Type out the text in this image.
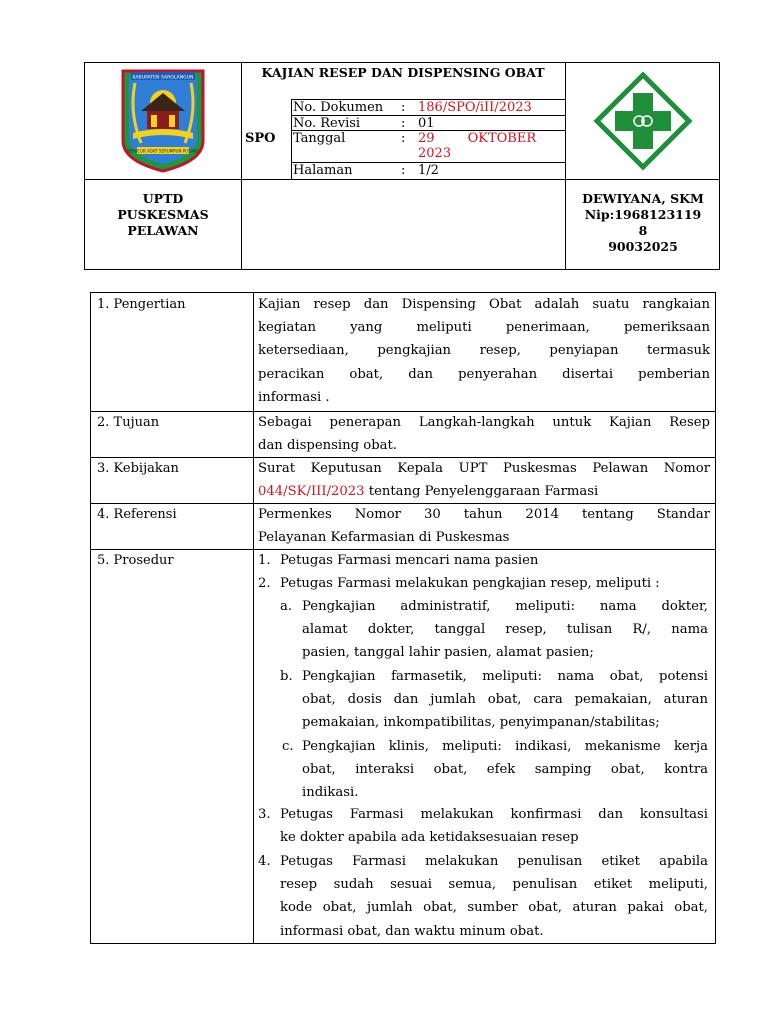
KABUPATEN SAROLANGUN
SEPUCUK ADAT SERUMPUN PUSAKO
KAJIAN RESEP DAN DISPENSING OBAT
SPO
No. Dokumen : 186/SPO/iII/2023
No. Revisi	: 01
Tanggal	: 29        OKTOBER
2023
Halaman	: 1/2
UPTD
PUSKESMAS
PELAWAN
DEWIYANA, SKM
Nip:1968123119
8
90032025
1. Pengertian	Kajian resep dan Dispensing Obat adalah suatu rangkaian
kegiatan yang meliputi penerimaan, pemeriksaan
ketersediaan, pengkajian resep, penyiapan termasuk
peracikan obat, dan penyerahan disertai pemberian
informasi .
2. Tujuan	Sebagai penerapan Langkah-langkah untuk Kajian Resep
dan dispensing obat.
3. Kebijakan	Surat Keputusan Kepala UPT Puskesmas Pelawan Nomor
044/SK/III/2023 tentang Penyelenggaraan Farmasi
4. Referensi	Permenkes Nomor 30 tahun 2014 tentang Standar
Pelayanan Kefarmasian di Puskesmas
5. Prosedur	1. Petugas Farmasi mencari nama pasien
2. Petugas Farmasi melakukan pengkajian resep, meliputi :
a. Pengkajian administratif, meliputi: nama dokter,
alamat dokter, tanggal resep, tulisan R/, nama
pasien, tanggal lahir pasien, alamat pasien;
b. Pengkajian farmasetik, meliputi: nama obat, potensi
obat, dosis dan jumlah obat, cara pemakaian, aturan
pemakaian, inkompatibilitas, penyimpanan/stabilitas;
c. Pengkajian klinis, meliputi: indikasi, mekanisme kerja
obat, interaksi obat, efek samping obat, kontra
indikasi.
3. Petugas Farmasi melakukan konfirmasi dan konsultasi
ke dokter apabila ada ketidaksesuaian resep
4. Petugas Farmasi melakukan penulisan etiket apabila
resep sudah sesuai semua, penulisan etiket meliputi,
kode obat, jumlah obat, sumber obat, aturan pakai obat,
informasi obat, dan waktu minum obat.
